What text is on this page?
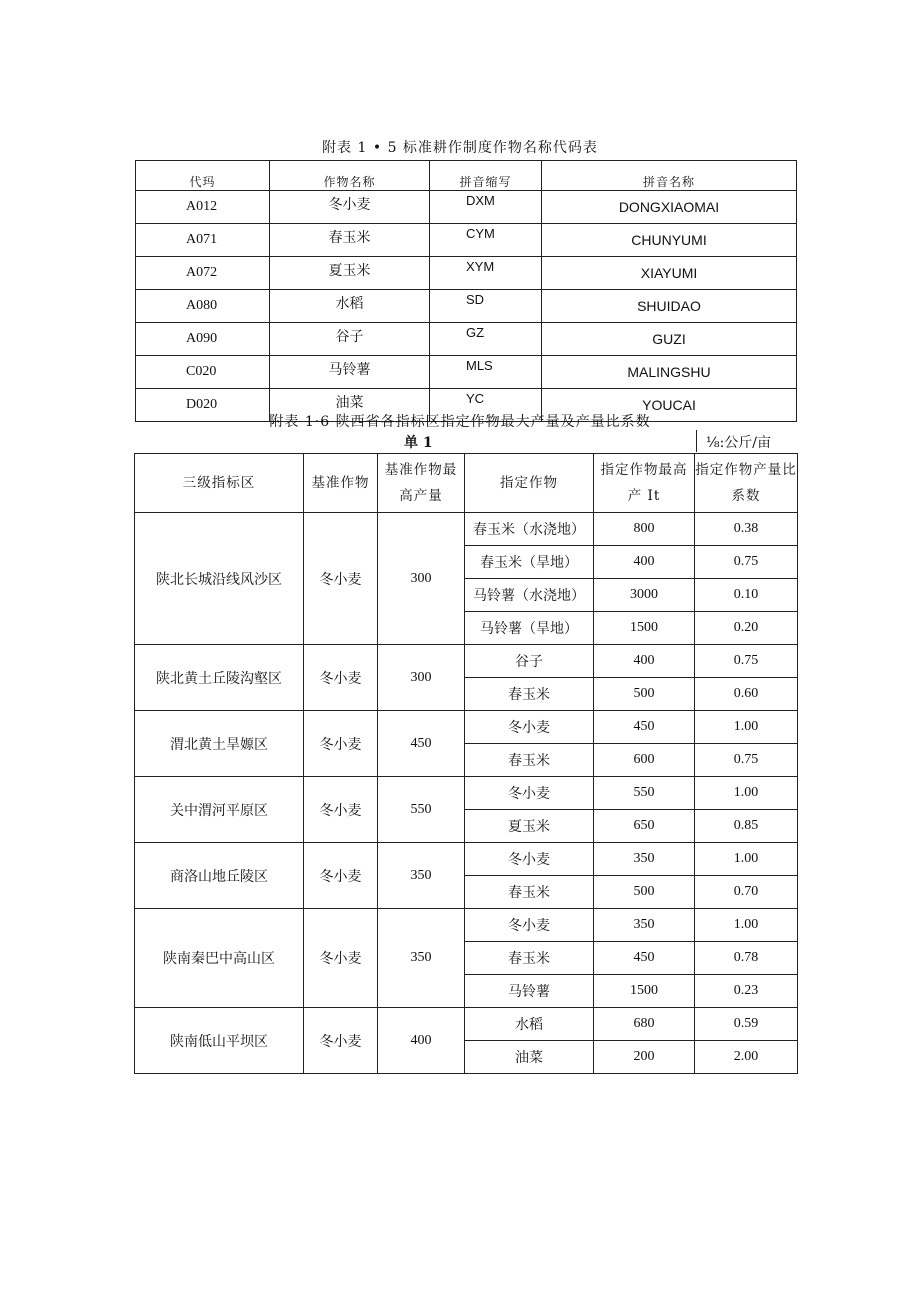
附表 1 • 5 标准耕作制度作物名称代码表
代玛	作物名称	拼音缩写	拼音名称
A012	冬小麦	DXM	DONGXIAOMAI
A071	春玉米	CYM	CHUNYUMI
A072	夏玉米	XYM	XIAYUMI
A080	水稻	SD	SHUIDAO
A090	谷子	GZ	GUZI
C020	马铃薯	MLS	MALINGSHU
D020	油菜	YC	YOUCAI
附表 1·6 陕西省各指标区指定作物最大产量及产量比系数
单 1	⅛:公斤/亩
三级指标区	基准作物	基准作物最高产量	指定作物	指定作物最高产 It	指定作物产量比系数
陕北长城沿线风沙区	冬小麦	300	春玉米（水浇地）	800	0.38
			春玉米（旱地）	400	0.75
			马铃薯（水浇地）	3000	0.10
			马铃薯（旱地）	1500	0.20
陕北黄土丘陵沟壑区	冬小麦	300	谷子	400	0.75
			春玉米	500	0.60
渭北黄土旱嫄区	冬小麦	450	冬小麦	450	1.00
			春玉米	600	0.75
关中渭河平原区	冬小麦	550	冬小麦	550	1.00
			夏玉米	650	0.85
商洛山地丘陵区	冬小麦	350	冬小麦	350	1.00
			春玉米	500	0.70
陕南秦巴中高山区	冬小麦	350	冬小麦	350	1.00
			春玉米	450	0.78
			马铃薯	1500	0.23
陕南低山平坝区	冬小麦	400	水稻	680	0.59
			油菜	200	2.00
